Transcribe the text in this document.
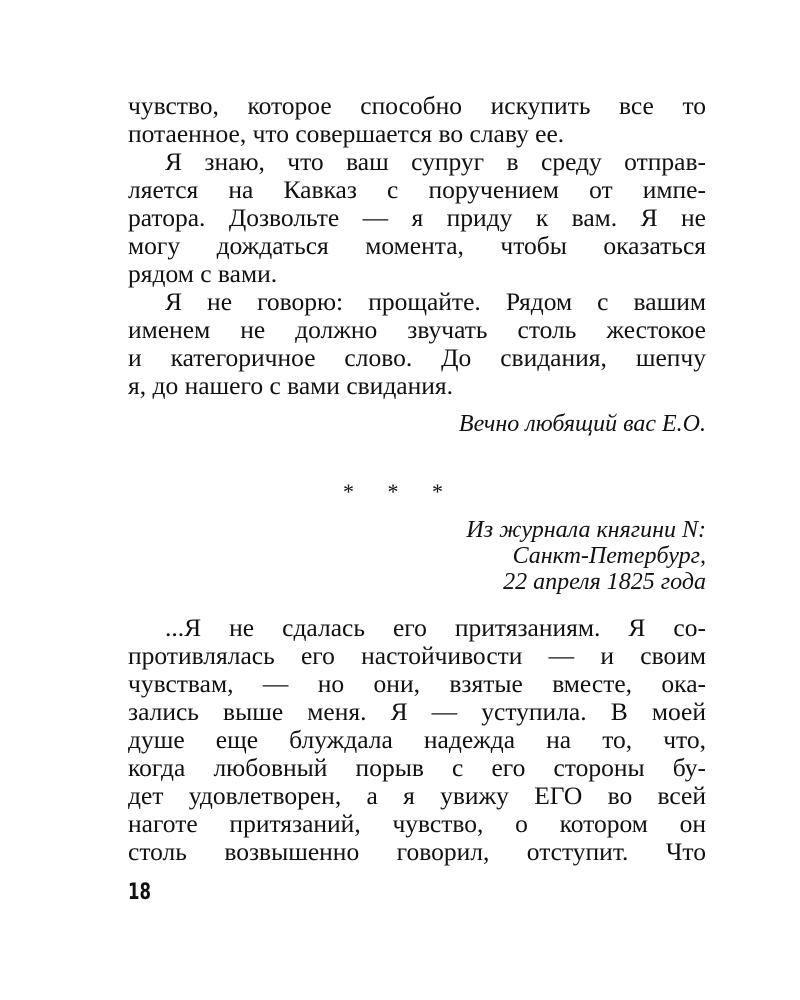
чувство, которое способно искупить все то
потаенное, что совершается во славу ее.
Я знаю, что ваш супруг в среду отправ-
ляется на Кавказ с поручением от импе-
ратора. Дозвольте — я приду к вам. Я не
могу дождаться момента, чтобы оказаться
рядом с вами.
Я не говорю: прощайте. Рядом с вашим
именем не должно звучать столь жестокое
и категоричное слово. До свидания, шепчу
я, до нашего с вами свидания.
Вечно любящий вас Е.О.
* * *
Из журнала княгини N:
Санкт-Петербург,
22 апреля 1825 года
...Я не сдалась его притязаниям. Я со-
противлялась его настойчивости — и своим
чувствам, — но они, взятые вместе, ока-
зались выше меня. Я — уступила. В моей
душе еще блуждала надежда на то, что,
когда любовный порыв с его стороны бу-
дет удовлетворен, а я увижу ЕГО во всей
наготе притязаний, чувство, о котором он
столь возвышенно говорил, отступит. Что
18
